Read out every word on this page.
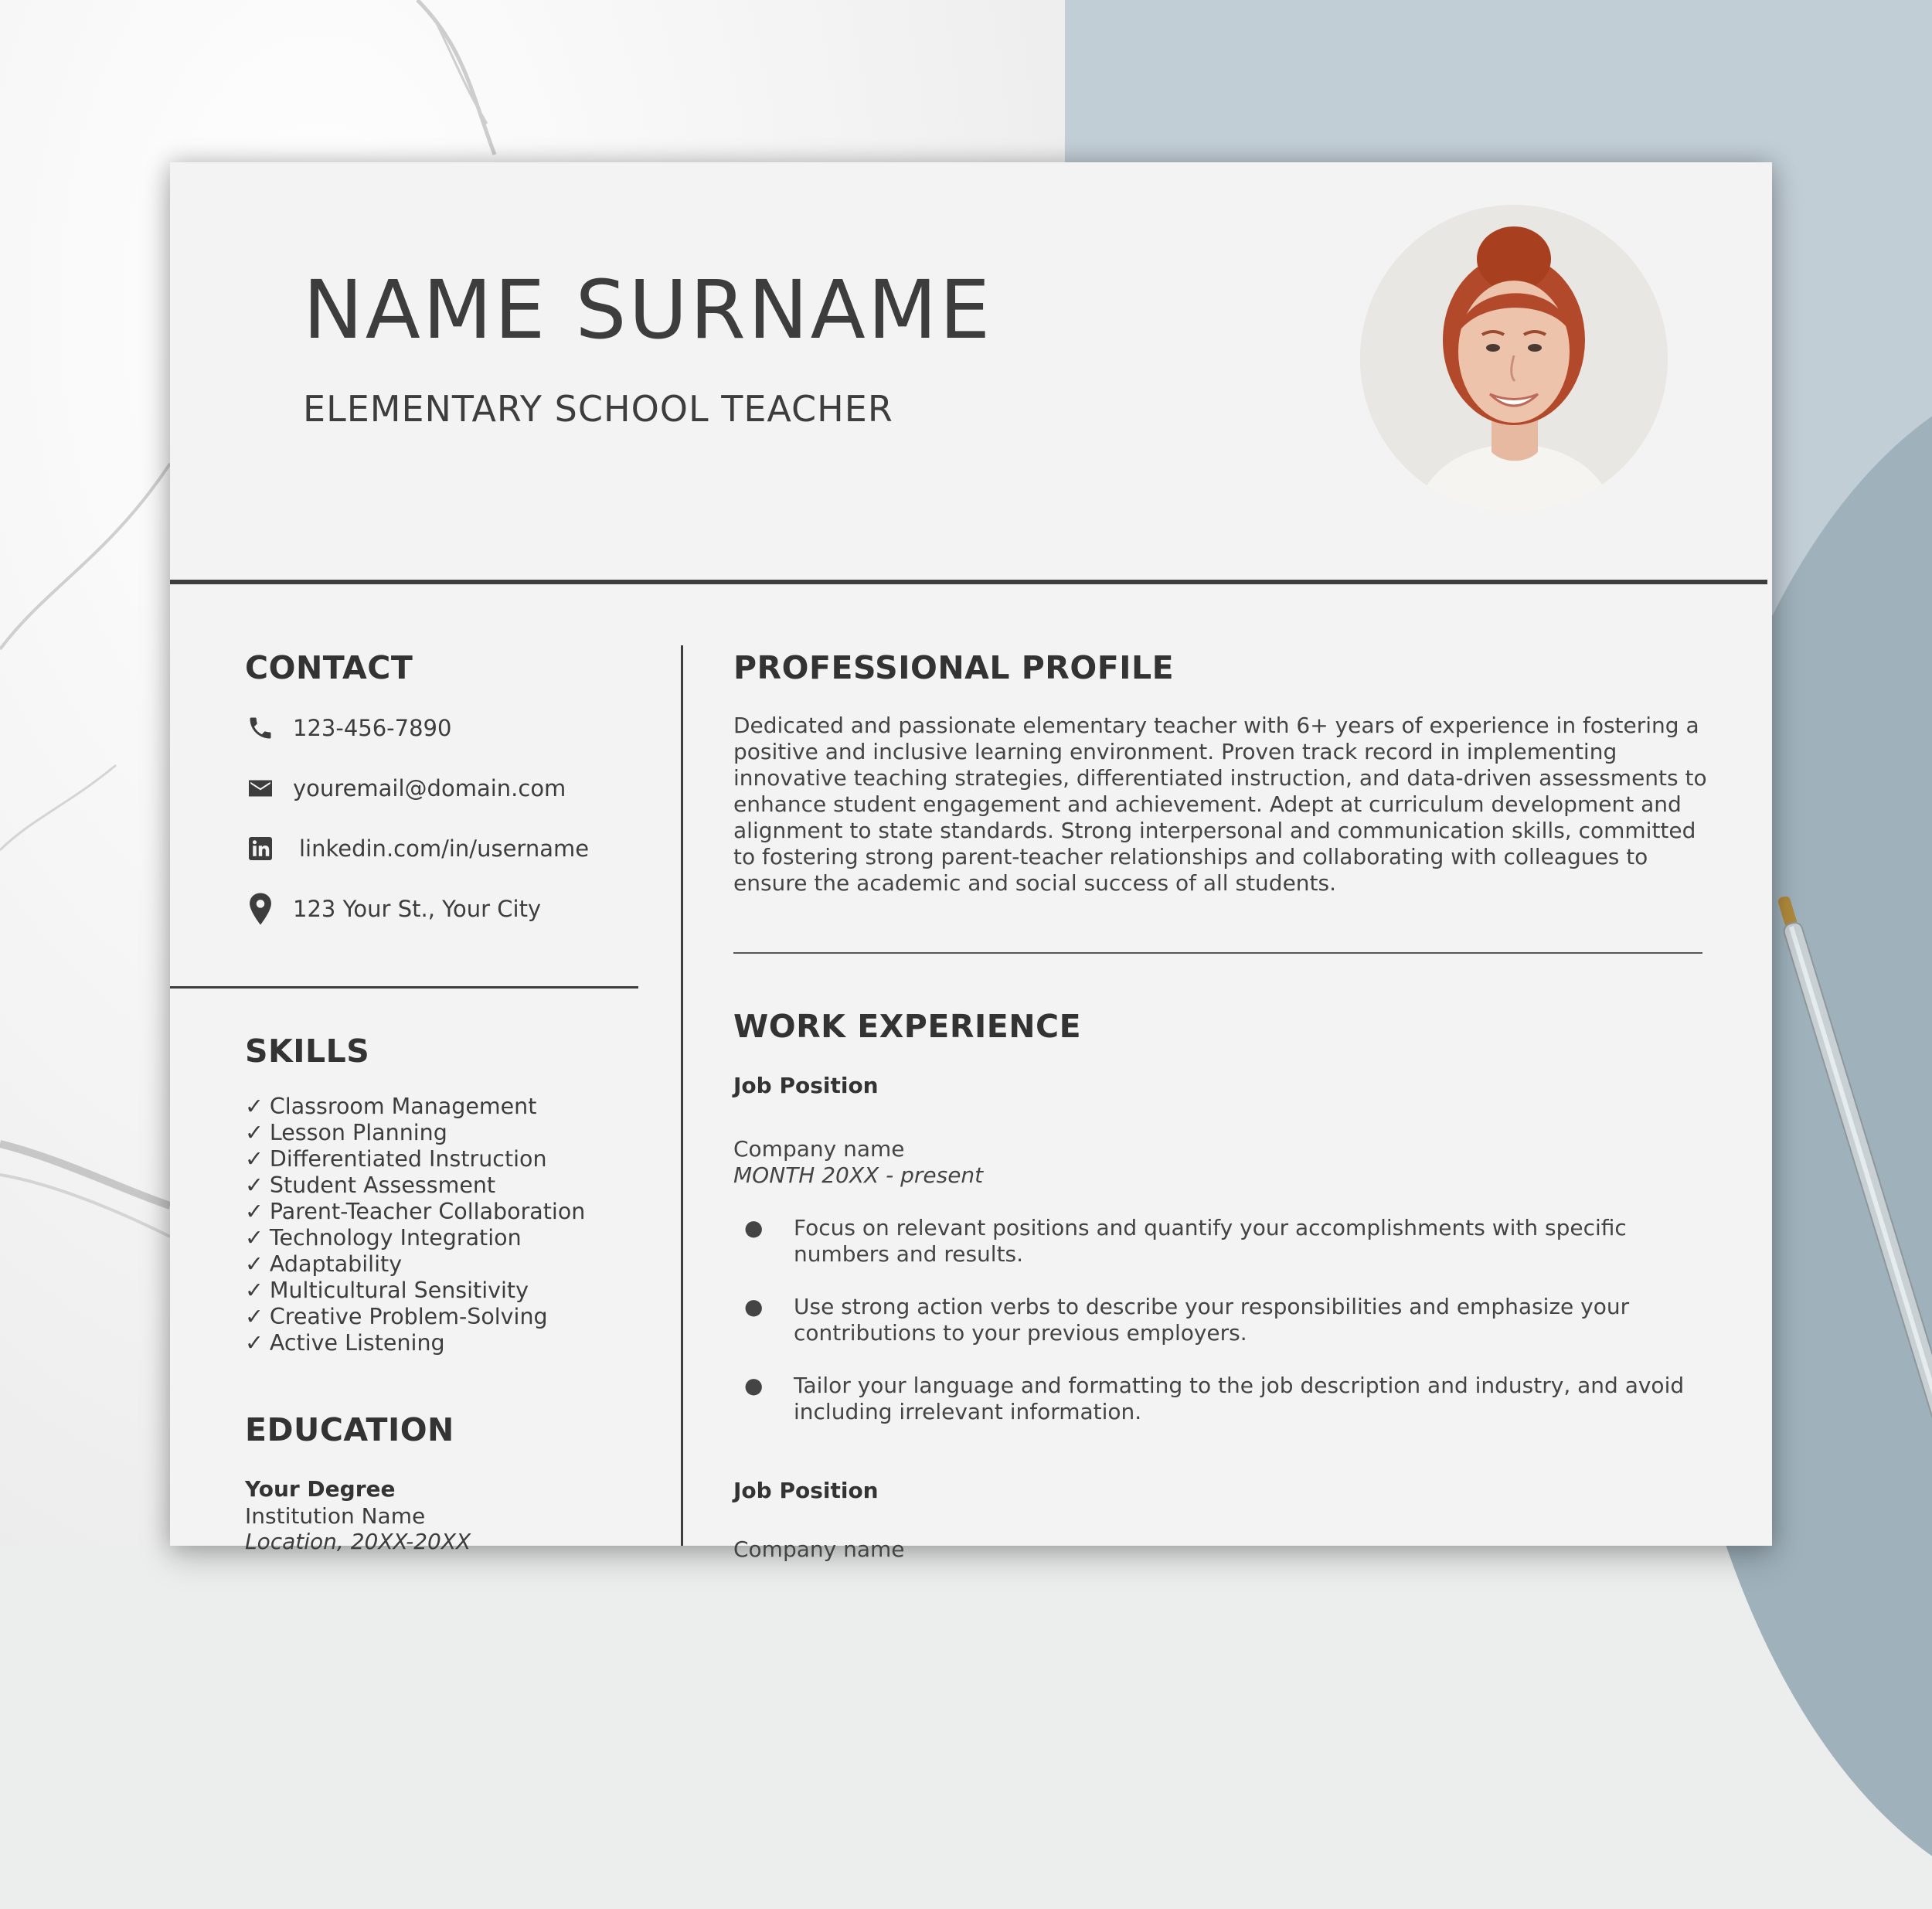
NAME SURNAME
ELEMENTARY SCHOOL TEACHER
CONTACT
123-456-7890
youremail@domain.com
linkedin.com/in/username
123 Your St., Your City
SKILLS
✓ Classroom Management
✓ Lesson Planning
✓ Differentiated Instruction
✓ Student Assessment
✓ Parent-Teacher Collaboration
✓ Technology Integration
✓ Adaptability
✓ Multicultural Sensitivity
✓ Creative Problem-Solving
✓ Active Listening
EDUCATION
Your Degree
Institution Name
Location, 20XX-20XX
PROFESSIONAL PROFILE

Dedicated and passionate elementary teacher with 6+ years of experience in fostering a positive and inclusive learning environment. Proven track record in implementing innovative teaching strategies, differentiated instruction, and data-driven assessments to enhance student engagement and achievement. Adept at curriculum development and alignment to state standards. Strong interpersonal and communication skills, committed to fostering strong parent-teacher relationships and collaborating with colleagues to ensure the academic and social success of all students.

WORK EXPERIENCE
Job Position
Company name
MONTH 20XX - present
● Focus on relevant positions and quantify your accomplishments with specific numbers and results.
● Use strong action verbs to describe your responsibilities and emphasize your contributions to your previous employers.
● Tailor your language and formatting to the job description and industry, and avoid including irrelevant information.
Job Position
Company name
